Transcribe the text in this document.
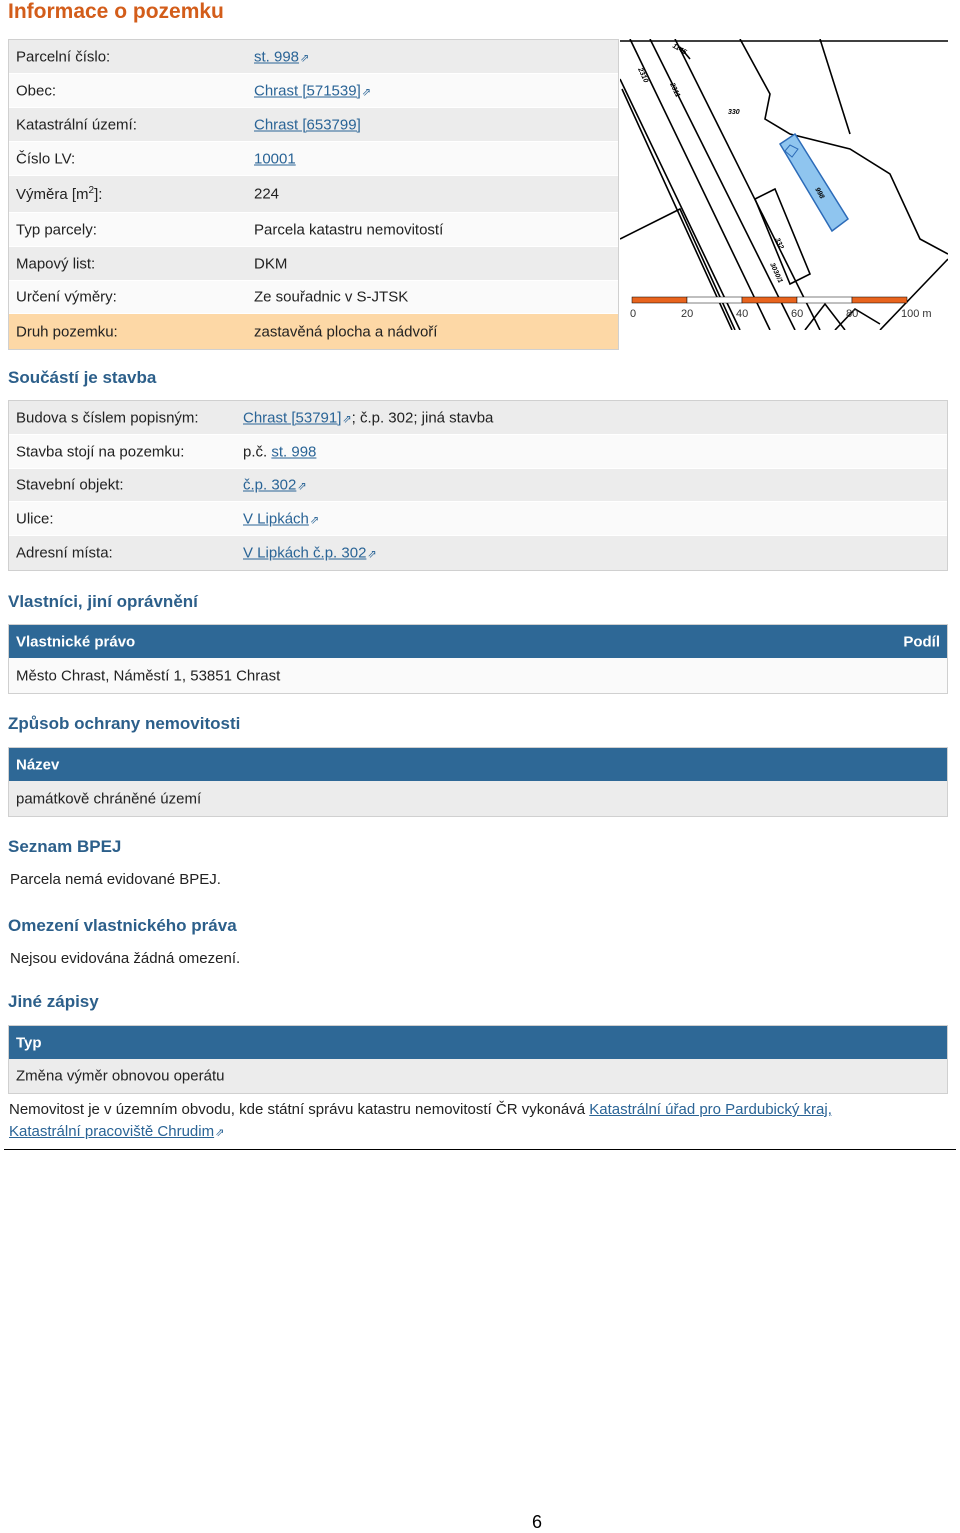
Informace o pozemku
Parcelní číslo:	st. 998⇗
Obec:	Chrast [571539]⇗
Katastrální území:	Chrast [653799]
Číslo LV:	10001
Výměra $[m^2]$:	224
Typ parcely:	Parcela katastru nemovitostí
Mapový list:	DKM
Určení výměry:	Ze souřadnic v S-JTSK
Druh pozemku:	zastavěná plocha a nádvoří
998
2310
2311
330
332
3030/1
1145
0	20	40	60	80	100 m
Součástí je stavba
Budova s číslem popisným:	Chrast [53791]⇗; č.p. 302; jiná stavba
Stavba stojí na pozemku:	p.č. st. 998
Stavební objekt:	č.p. 302⇗
Ulice:	V Lipkách⇗
Adresní místa:	V Lipkách č.p. 302⇗
Vlastníci, jiní oprávnění
Vlastnické právo	Podíl
Město Chrast, Náměstí 1, 53851 Chrast
Způsob ochrany nemovitosti
Název
památkově chráněné území
Seznam BPEJ
Parcela nemá evidované BPEJ.
Omezení vlastnického práva
Nejsou evidována žádná omezení.
Jiné zápisy
Typ
Změna výměr obnovou operátu
Nemovitost je v územním obvodu, kde státní správu katastru nemovitostí ČR vykonává Katastrální úřad pro Pardubický kraj,
Katastrální pracoviště Chrudim⇗
6
